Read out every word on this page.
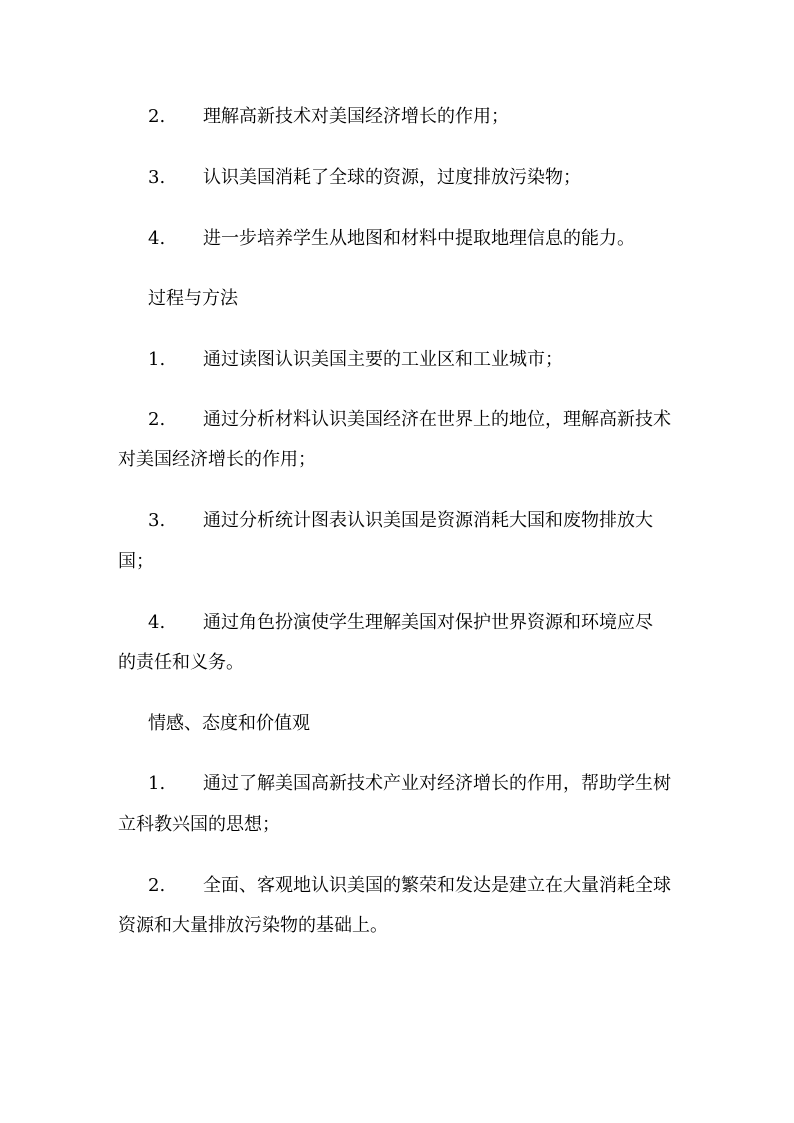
2. 理解高新技术对美国经济增长的作用；
3. 认识美国消耗了全球的资源，过度排放污染物；
4. 进一步培养学生从地图和材料中提取地理信息的能力。
过程与方法
1. 通过读图认识美国主要的工业区和工业城市；
2. 通过分析材料认识美国经济在世界上的地位，理解高新技术
对美国经济增长的作用；
3. 通过分析统计图表认识美国是资源消耗大国和废物排放大
国；
4. 通过角色扮演使学生理解美国对保护世界资源和环境应尽
的责任和义务。
情感、态度和价值观
1. 通过了解美国高新技术产业对经济增长的作用，帮助学生树
立科教兴国的思想；
2. 全面、客观地认识美国的繁荣和发达是建立在大量消耗全球
资源和大量排放污染物的基础上。
